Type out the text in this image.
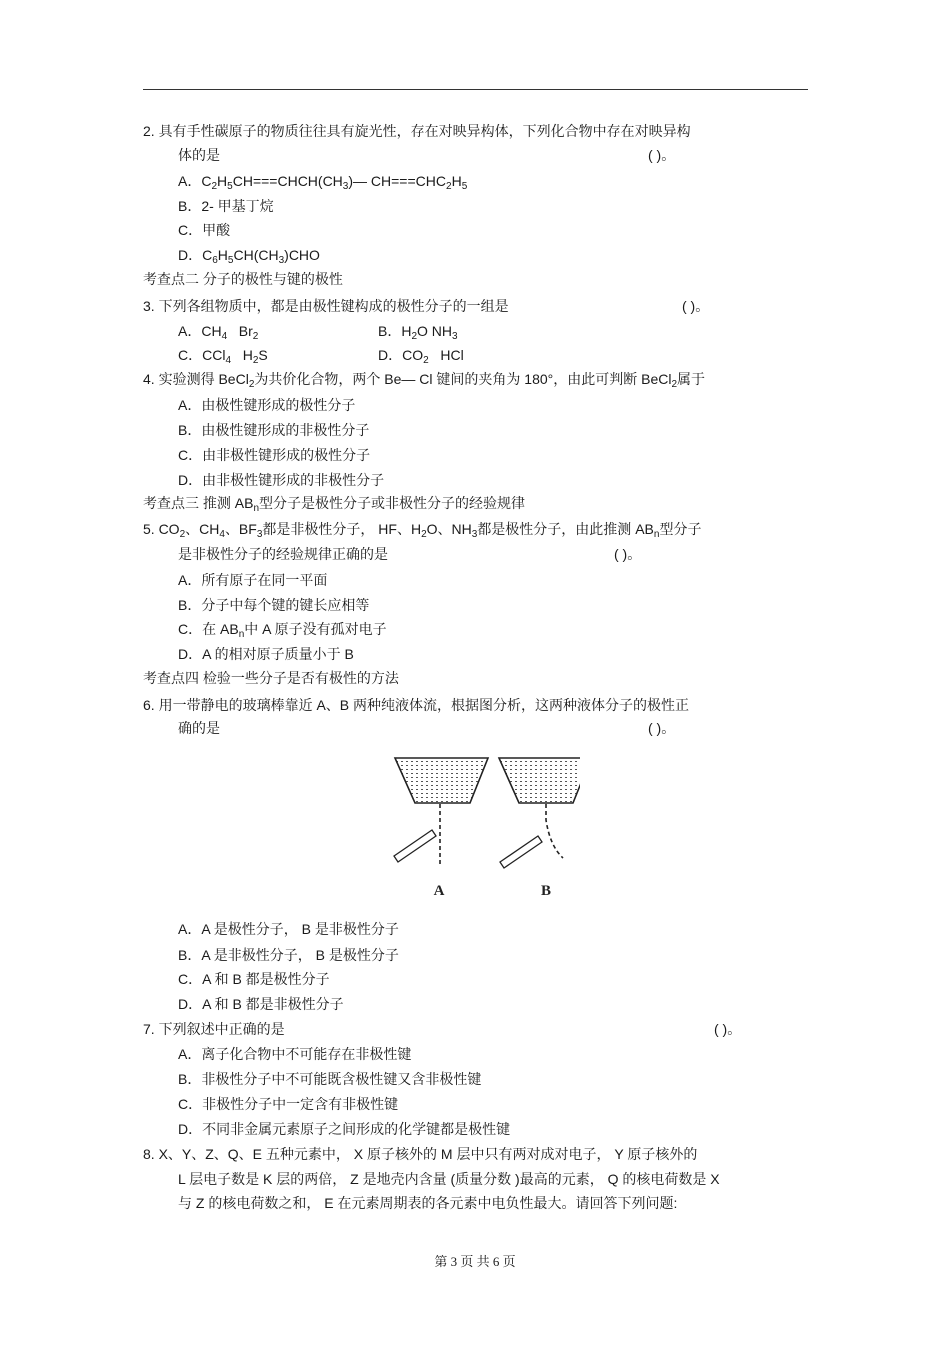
2. 具有手性碳原子的物质往往具有旋光性，存在对映异构体，下列化合物中存在对映异构
体的是	( )。
A．$C_2H_5CH===CHCH(CH_3)—$ $CH===CHC_2H_5$
B．2- 甲基丁烷
C．甲酸
D．$C_6H_5CH(CH_3)CHO$
考查点二 分子的极性与键的极性
3. 下列各组物质中，都是由极性键构成的极性分子的一组是	( )。
A．$CH_4$ $Br_2$	B．$H_2O$ $NH_3$
C．CCl$_4$ $H_2S$	D．$CO_2$ HCl
4. 实验测得 BeCl$_2$为共价化合物，两个 Be— Cl 键间的夹角为 180°，由此可判断 BeCl$_2$属于
A．由极性键形成的极性分子
B．由极性键形成的非极性分子
C．由非极性键形成的极性分子
D．由非极性键形成的非极性分子
考查点三 推测 $AB_n$型分子是极性分子或非极性分子的经验规律
5. $CO_2$、$CH_4$、$BF_3$都是非极性分子， HF、$H_2O$、$NH_3$都是极性分子，由此推测 $AB_n$型分子
是非极性分子的经验规律正确的是	( )。
A．所有原子在同一平面
B．分子中每个键的键长应相等
C．在 $AB_n$中 A 原子没有孤对电子
D．A 的相对原子质量小于 B
考查点四 检验一些分子是否有极性的方法
6. 用一带静电的玻璃棒靠近 A、B 两种纯液体流，根据图分析，这两种液体分子的极性正
确的是	( )。
A	B
A．A 是极性分子， B 是非极性分子
B．A 是非极性分子， B 是极性分子
C．A 和 B 都是极性分子
D．A 和 B 都是非极性分子
7. 下列叙述中正确的是	( )。
A．离子化合物中不可能存在非极性键
B．非极性分子中不可能既含极性键又含非极性键
C．非极性分子中一定含有非极性键
D．不同非金属元素原子之间形成的化学键都是极性键
8. X、Y、Z、Q、E 五种元素中， X 原子核外的 M 层中只有两对成对电子， Y 原子核外的
L 层电子数是 K 层的两倍， Z 是地壳内含量 (质量分数 )最高的元素， Q 的核电荷数是 X
与 Z 的核电荷数之和， E 在元素周期表的各元素中电负性最大。请回答下列问题:
第 3 页 共 6 页
